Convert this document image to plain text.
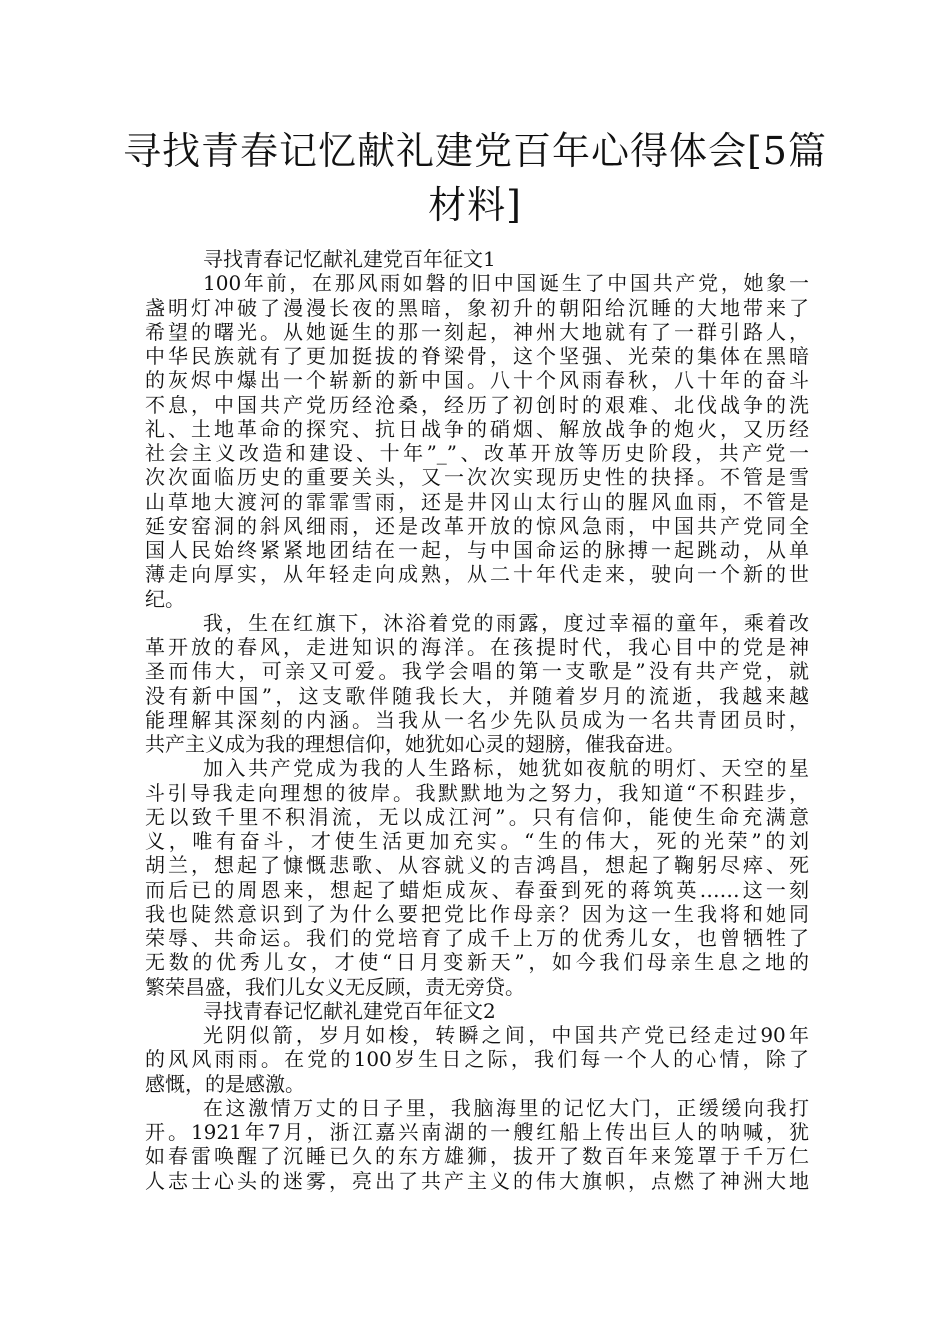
寻找青春记忆献礼建党百年心得体会[5篇
材料]
寻找青春记忆献礼建党百年征文1
100年前，在那风雨如磐的旧中国诞生了中国共产党，她象一
盏明灯冲破了漫漫长夜的黑暗，象初升的朝阳给沉睡的大地带来了
希望的曙光。从她诞生的那一刻起，神州大地就有了一群引路人，
中华民族就有了更加挺拔的脊梁骨，这个坚强、光荣的集体在黑暗
的灰烬中爆出一个崭新的新中国。八十个风雨春秋，八十年的奋斗
不息，中国共产党历经沧桑，经历了初创时的艰难、北伐战争的洗
礼、土地革命的探究、抗日战争的硝烟、解放战争的炮火，又历经
社会主义改造和建设、十年”_”、改革开放等历史阶段，共产党一
次次面临历史的重要关头，又一次次实现历史性的抉择。不管是雪
山草地大渡河的霏霏雪雨，还是井冈山太行山的腥风血雨，不管是
延安窑洞的斜风细雨，还是改革开放的惊风急雨，中国共产党同全
国人民始终紧紧地团结在一起，与中国命运的脉搏一起跳动，从单
薄走向厚实，从年轻走向成熟，从二十年代走来，驶向一个新的世
纪。
我，生在红旗下，沐浴着党的雨露，度过幸福的童年，乘着改
革开放的春风，走进知识的海洋。在孩提时代，我心目中的党是神
圣而伟大，可亲又可爱。我学会唱的第一支歌是”没有共产党，就
没有新中国”，这支歌伴随我长大，并随着岁月的流逝，我越来越
能理解其深刻的内涵。当我从一名少先队员成为一名共青团员时，
共产主义成为我的理想信仰，她犹如心灵的翅膀，催我奋进。
加入共产党成为我的人生路标，她犹如夜航的明灯、天空的星
斗引导我走向理想的彼岸。我默默地为之努力，我知道“不积跬步，
无以致千里不积涓流，无以成江河”。只有信仰，能使生命充满意
义，唯有奋斗，才使生活更加充实。“生的伟大，死的光荣”的刘
胡兰，想起了慷慨悲歌、从容就义的吉鸿昌，想起了鞠躬尽瘁、死
而后已的周恩来，想起了蜡炬成灰、春蚕到死的蒋筑英……这一刻
我也陡然意识到了为什么要把党比作母亲？因为这一生我将和她同
荣辱、共命运。我们的党培育了成千上万的优秀儿女，也曾牺牲了
无数的优秀儿女，才使“日月变新天”，如今我们母亲生息之地的
繁荣昌盛，我们儿女义无反顾，责无旁贷。
寻找青春记忆献礼建党百年征文2
光阴似箭，岁月如梭，转瞬之间，中国共产党已经走过90年
的风风雨雨。在党的100岁生日之际，我们每一个人的心情，除了
感慨，的是感激。
在这激情万丈的日子里，我脑海里的记忆大门，正缓缓向我打
开。1921年7月，浙江嘉兴南湖的一艘红船上传出巨人的呐喊，犹
如春雷唤醒了沉睡已久的东方雄狮，拔开了数百年来笼罩于千万仁
人志士心头的迷雾，亮出了共产主义的伟大旗帜，点燃了神洲大地
